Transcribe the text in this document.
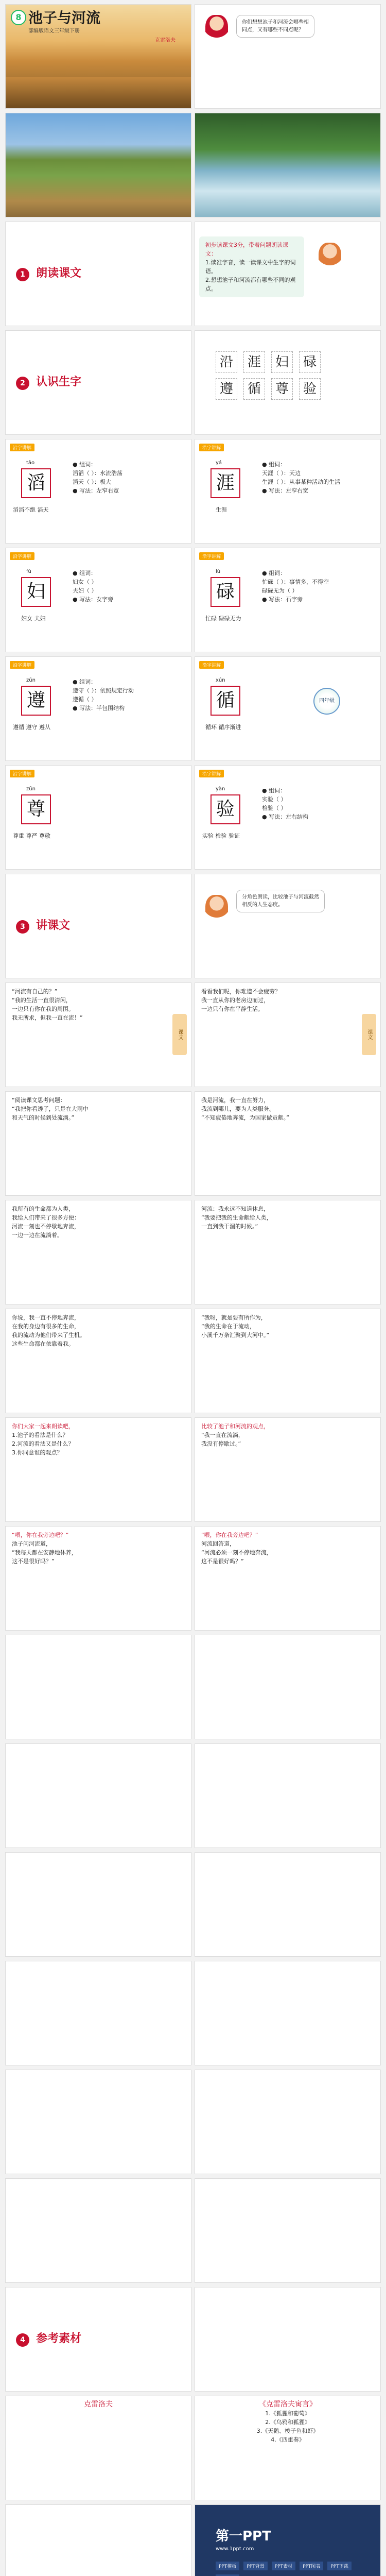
8 池子与河流
部编版语文三年级下册
克雷洛夫
你们想想池子和河流会哪些相同点，又有哪些不同点呢？
1 朗读课文
初步读课文3分，带着问题朗读课文：
1.读准字音，读一读课文中生字的词语。
2.想想池子和河流都有哪些不同的观点。
2 认识生字
沿	涯	妇	碌
遵	循	尊	验
沿字讲解
tāo
滔
滔滔不绝 滔天
● 组词：
滔滔（ ）：水流浩荡
滔天（ ）：极大
● 写法：左窄右宽
沿字讲解
yá
涯
生涯
● 组词：
天涯（ ）：天边
生涯（ ）：从事某种活动的生活
● 写法：左窄右宽
沿字讲解
fù
妇
妇女 夫妇
● 组词：
妇女（ ）
夫妇（ ）
● 写法：女字旁
沿字讲解
lù
碌
忙碌 碌碌无为
● 组词：
忙碌（ ）：事情多，不得空
碌碌无为（ ）
● 写法：石字旁
沿字讲解
zūn
遵
遵循 遵守 遵从
● 组词：
遵守（ ）：依照规定行动
遵循（ ）
● 写法：半包围结构
沿字讲解
xún
循
循环 循序渐进
四年级
沿字讲解
zūn
尊
尊重 尊严 尊敬
沿字讲解
yàn
验
实验 检验 验证
● 组词：
实验（ ）
检验（ ）
● 写法：左右结构
3 讲课文
分角色朗读，比较池子与河流截然相反的人生态度。
“河流有自己的？”
“我的生活一直很清闲，
一边只有你在我的周围。
我无所求，但我一直在流！”
课文
看看我们呢，你难道不会疲劳？
我一直从你的老房边而过，
一边只有你在平静生活。
课文
“阅读课文思考问题：
“我把你看透了，只是在大雨中
和天气的时候到处流淌。”
我是河流，我一直在努力，
我流到哪儿，要为人类服务。
“不知疲倦地奔流，为国家做贡献。”
我所有的生命都为人类，
我给人们带来了很多方便：
河流一刻也不停歇地奔流，
一边一边在流淌着。
河流：我永远不知道休息，
“我要把我的生命献给人类，
一直到我干涸的时候。”
你说，我一直不停地奔流，
在我的身边有很多的生命，
我的流动为他们带来了生机。
这些生命都在依靠着我。
“我呀，就是要有所作为，
“我的生命在于流动，
小溪千万条汇聚到大河中。”
你们大家一起来朗读吧，
1.池子的看法是什么？
2.河流的看法又是什么？
3.你同意谁的观点？
比较了池子和河流的观点，
“我一直在流淌，
我没有停歇过。”
“喂，你在我旁边吧？”
池子问河流道，
“我每天都在安静地休养，
这不是很好吗？”
“喂，你在我旁边吧？”
河流回答道，
“河流必须一刻不停地奔流，
这不是很好吗？”
4 参考素材
克雷洛夫	《克雷洛夫寓言》
1.《狐狸和葡萄》
2.《乌鸦和狐狸》
3.《天鹅、梭子鱼和虾》
4.《四重奏》
第一PPT
www.1ppt.com
PPT模板	PPT背景	PPT素材	PPT图表	PPT下载
